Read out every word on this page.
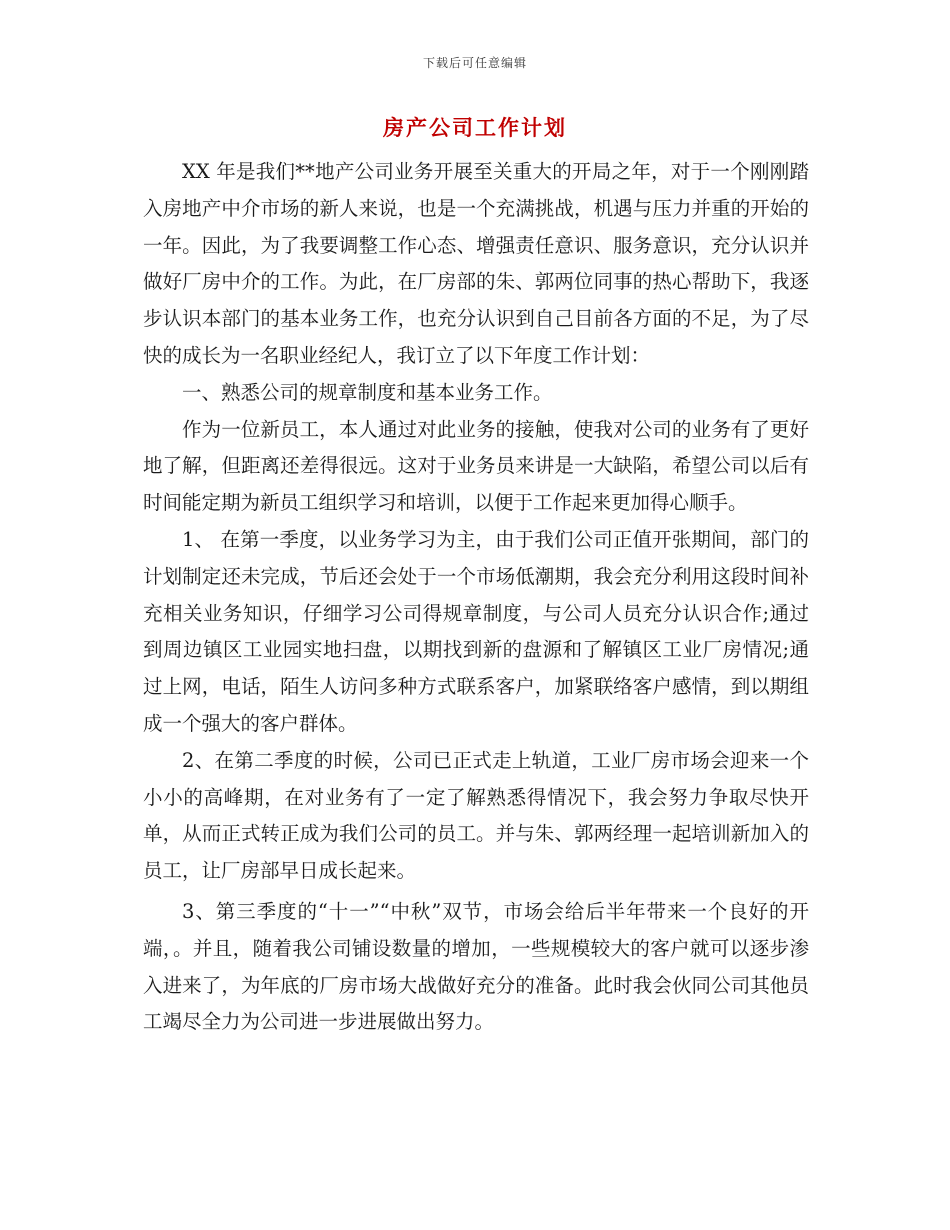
下载后可任意编辑
房产公司工作计划

XX 年是我们**地产公司业务开展至关重大的开局之年，对于一个刚刚踏入房地产中介市场的新人来说，也是一个充满挑战，机遇与压力并重的开始的一年。因此，为了我要调整工作心态、增强责任意识、服务意识，充分认识并做好厂房中介的工作。为此，在厂房部的朱、郭两位同事的热心帮助下，我逐步认识本部门的基本业务工作，也充分认识到自己目前各方面的不足，为了尽快的成长为一名职业经纪人，我订立了以下年度工作计划：

一、熟悉公司的规章制度和基本业务工作。

作为一位新员工，本人通过对此业务的接触，使我对公司的业务有了更好地了解，但距离还差得很远。这对于业务员来讲是一大缺陷，希望公司以后有时间能定期为新员工组织学习和培训，以便于工作起来更加得心顺手。

1、 在第一季度，以业务学习为主，由于我们公司正值开张期间，部门的计划制定还未完成，节后还会处于一个市场低潮期，我会充分利用这段时间补充相关业务知识，仔细学习公司得规章制度，与公司人员充分认识合作;通过到周边镇区工业园实地扫盘，以期找到新的盘源和了解镇区工业厂房情况;通过上网，电话，陌生人访问多种方式联系客户，加紧联络客户感情，到以期组成一个强大的客户群体。

2、在第二季度的时候，公司已正式走上轨道，工业厂房市场会迎来一个小小的高峰期，在对业务有了一定了解熟悉得情况下，我会努力争取尽快开单，从而正式转正成为我们公司的员工。并与朱、郭两经理一起培训新加入的员工，让厂房部早日成长起来。

3、第三季度的“十一”“中秋”双节，市场会给后半年带来一个良好的开端，。并且，随着我公司铺设数量的增加，一些规模较大的客户就可以逐步渗入进来了，为年底的厂房市场大战做好充分的准备。此时我会伙同公司其他员工竭尽全力为公司进一步进展做出努力。
